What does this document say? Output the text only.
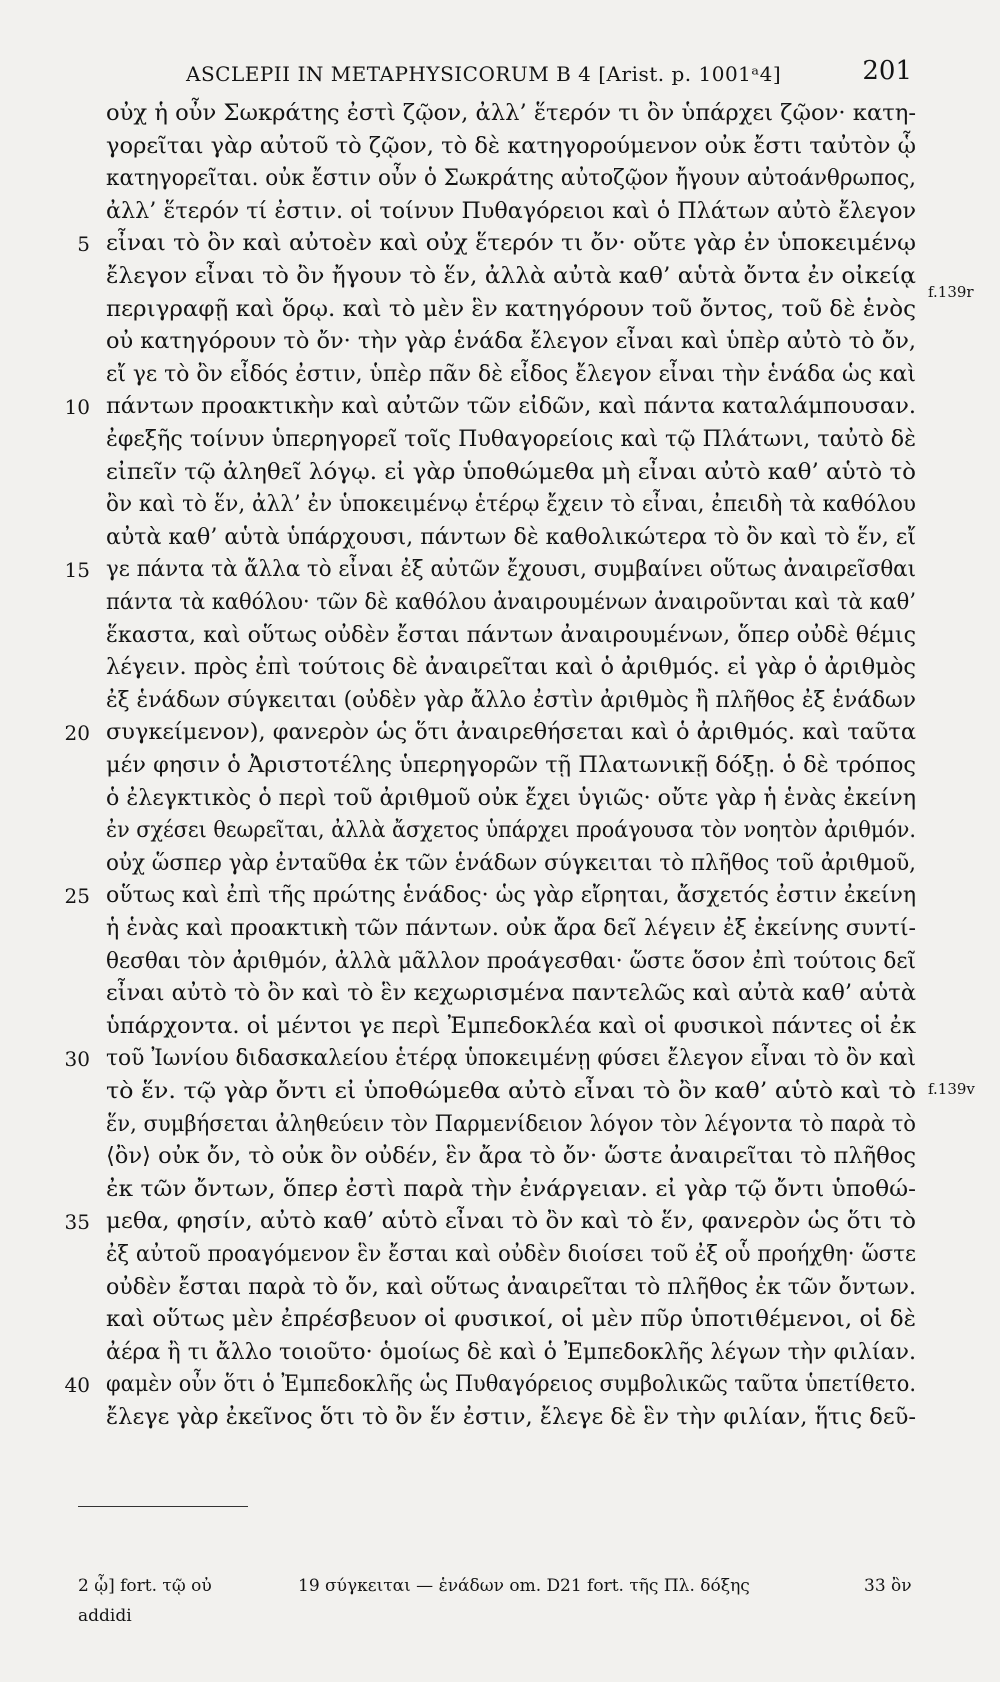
ASCLEPII IN METAPHYSICORUM B 4 [Arist. p. 1001ᵃ4]	201
οὐχ ἡ οὖν Σωκράτης ἐστὶ ζῷον, ἀλλ’ ἕτερόν τι ὂν ὑπάρχει ζῷον· κατη-
γορεῖται γὰρ αὐτοῦ τὸ ζῷον, τὸ δὲ κατηγορούμενον οὐκ ἔστι ταὐτὸν ᾧ
κατηγορεῖται. οὐκ ἔστιν οὖν ὁ Σωκράτης αὐτοζῷον ἤγουν αὐτοάνθρωπος,
ἀλλ’ ἕτερόν τί ἐστιν. οἱ τοίνυν Πυθαγόρειοι καὶ ὁ Πλάτων αὐτὸ ἔλεγον
5 εἶναι τὸ ὂν καὶ αὐτοὲν καὶ οὐχ ἕτερόν τι ὄν· οὔτε γὰρ ἐν ὑποκειμένῳ
ἔλεγον εἶναι τὸ ὂν ἤγουν τὸ ἕν, ἀλλὰ αὐτὰ καθ’ αὑτὰ ὄντα ἐν οἰκείᾳ
περιγραφῇ καὶ ὅρῳ. καὶ τὸ μὲν ἓν κατηγόρουν τοῦ ὄντος, τοῦ δὲ ἑνὸς
οὐ κατηγόρουν τὸ ὄν· τὴν γὰρ ἑνάδα ἔλεγον εἶναι καὶ ὑπὲρ αὐτὸ τὸ ὄν,
εἴ γε τὸ ὂν εἶδός ἐστιν, ὑπὲρ πᾶν δὲ εἶδος ἔλεγον εἶναι τὴν ἑνάδα ὡς καὶ
10 πάντων προακτικὴν καὶ αὐτῶν τῶν εἰδῶν, καὶ πάντα καταλάμπουσαν.
ἐφεξῆς τοίνυν ὑπερηγορεῖ τοῖς Πυθαγορείοις καὶ τῷ Πλάτωνι, ταὐτὸ δὲ
εἰπεῖν τῷ ἀληθεῖ λόγῳ. εἰ γὰρ ὑποθώμεθα μὴ εἶναι αὐτὸ καθ’ αὑτὸ τὸ
ὂν καὶ τὸ ἕν, ἀλλ’ ἐν ὑποκειμένῳ ἑτέρῳ ἔχειν τὸ εἶναι, ἐπειδὴ τὰ καθόλου
αὐτὰ καθ’ αὑτὰ ὑπάρχουσι, πάντων δὲ καθολικώτερα τὸ ὂν καὶ τὸ ἕν, εἴ
15 γε πάντα τὰ ἄλλα τὸ εἶναι ἐξ αὐτῶν ἔχουσι, συμβαίνει οὕτως ἀναιρεῖσθαι
πάντα τὰ καθόλου· τῶν δὲ καθόλου ἀναιρουμένων ἀναιροῦνται καὶ τὰ καθ’
ἕκαστα, καὶ οὕτως οὐδὲν ἔσται πάντων ἀναιρουμένων, ὅπερ οὐδὲ θέμις
λέγειν. πρὸς ἐπὶ τούτοις δὲ ἀναιρεῖται καὶ ὁ ἀριθμός. εἰ γὰρ ὁ ἀριθμὸς
ἐξ ἑνάδων σύγκειται (οὐδὲν γὰρ ἄλλο ἐστὶν ἀριθμὸς ἢ πλῆθος ἐξ ἑνάδων
20 συγκείμενον), φανερὸν ὡς ὅτι ἀναιρεθήσεται καὶ ὁ ἀριθμός. καὶ ταῦτα
μέν φησιν ὁ Ἀριστοτέλης ὑπερηγορῶν τῇ Πλατωνικῇ δόξῃ. ὁ δὲ τρόπος
ὁ ἐλεγκτικὸς ὁ περὶ τοῦ ἀριθμοῦ οὐκ ἔχει ὑγιῶς· οὔτε γὰρ ἡ ἑνὰς ἐκείνη
ἐν σχέσει θεωρεῖται, ἀλλὰ ἄσχετος ὑπάρχει προάγουσα τὸν νοητὸν ἀριθμόν.
οὐχ ὥσπερ γὰρ ἐνταῦθα ἐκ τῶν ἑνάδων σύγκειται τὸ πλῆθος τοῦ ἀριθμοῦ,
25 οὕτως καὶ ἐπὶ τῆς πρώτης ἑνάδος· ὡς γὰρ εἴρηται, ἄσχετός ἐστιν ἐκείνη
ἡ ἑνὰς καὶ προακτικὴ τῶν πάντων. οὐκ ἄρα δεῖ λέγειν ἐξ ἐκείνης συντί-
θεσθαι τὸν ἀριθμόν, ἀλλὰ μᾶλλον προάγεσθαι· ὥστε ὅσον ἐπὶ τούτοις δεῖ
εἶναι αὐτὸ τὸ ὂν καὶ τὸ ἓν κεχωρισμένα παντελῶς καὶ αὐτὰ καθ’ αὑτὰ
ὑπάρχοντα. οἱ μέντοι γε περὶ Ἐμπεδοκλέα καὶ οἱ φυσικοὶ πάντες οἱ ἐκ
30 τοῦ Ἰωνίου διδασκαλείου ἑτέρᾳ ὑποκειμένῃ φύσει ἔλεγον εἶναι τὸ ὂν καὶ
τὸ ἕν. τῷ γὰρ ὄντι εἰ ὑποθώμεθα αὐτὸ εἶναι τὸ ὂν καθ’ αὑτὸ καὶ τὸ
ἕν, συμβήσεται ἀληθεύειν τὸν Παρμενίδειον λόγον τὸν λέγοντα τὸ παρὰ τὸ
⟨ὂν⟩ οὐκ ὄν, τὸ οὐκ ὂν οὐδέν, ἓν ἄρα τὸ ὄν· ὥστε ἀναιρεῖται τὸ πλῆθος
ἐκ τῶν ὄντων, ὅπερ ἐστὶ παρὰ τὴν ἐνάργειαν. εἰ γὰρ τῷ ὄντι ὑποθώ-
35 μεθα, φησίν, αὐτὸ καθ’ αὑτὸ εἶναι τὸ ὂν καὶ τὸ ἕν, φανερὸν ὡς ὅτι τὸ
ἐξ αὐτοῦ προαγόμενον ἓν ἔσται καὶ οὐδὲν διοίσει τοῦ ἐξ οὗ προήχθη· ὥστε
οὐδὲν ἔσται παρὰ τὸ ὄν, καὶ οὕτως ἀναιρεῖται τὸ πλῆθος ἐκ τῶν ὄντων.
καὶ οὕτως μὲν ἐπρέσβευον οἱ φυσικοί, οἱ μὲν πῦρ ὑποτιθέμενοι, οἱ δὲ
ἀέρα ἢ τι ἄλλο τοιοῦτο· ὁμοίως δὲ καὶ ὁ Ἐμπεδοκλῆς λέγων τὴν φιλίαν.
40 φαμὲν οὖν ὅτι ὁ Ἐμπεδοκλῆς ὡς Πυθαγόρειος συμβολικῶς ταῦτα ὑπετίθετο.
ἔλεγε γὰρ ἐκεῖνος ὅτι τὸ ὂν ἕν ἐστιν, ἔλεγε δὲ ἓν τὴν φιλίαν, ἥτις δεῦ-
f.139r
f.139v
2 ᾧ] fort. τῷ οὐ
addidi
19 σύγκειται — ἑνάδων om. D 21 fort. τῆς Πλ. δόξης	33 ὂν
